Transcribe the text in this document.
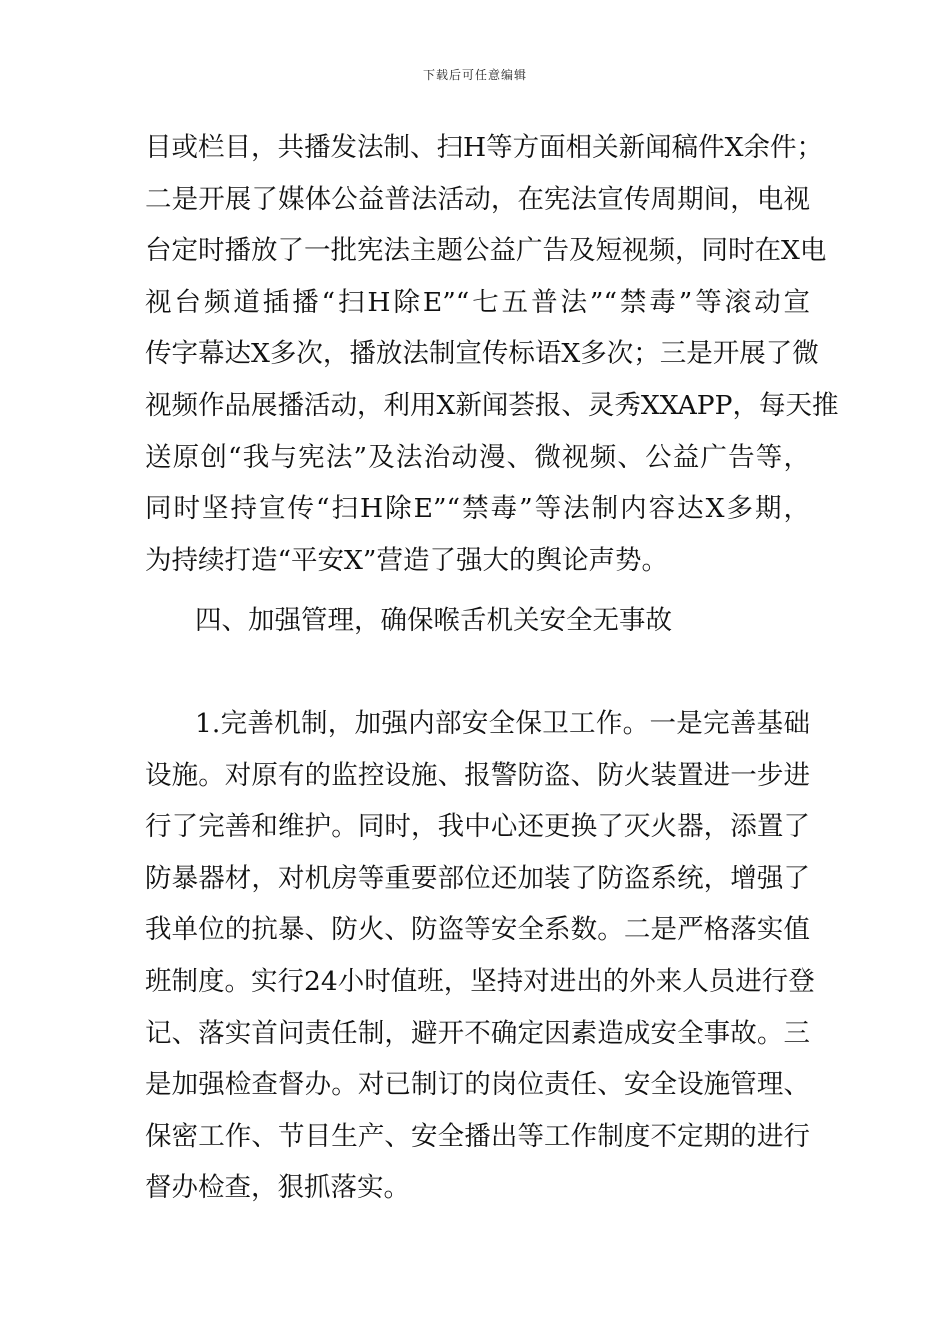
下载后可任意编辑
目或栏目，共播发法制、扫H等方面相关新闻稿件X余件；
二是开展了媒体公益普法活动，在宪法宣传周期间，电视
台定时播放了一批宪法主题公益广告及短视频，同时在X电
视台频道插播“扫H除E”“七五普法”“禁毒”等滚动宣
传字幕达X多次，播放法制宣传标语X多次；三是开展了微
视频作品展播活动，利用X新闻荟报、灵秀XXAPP，每天推
送原创“我与宪法”及法治动漫、微视频、公益广告等，
同时坚持宣传“扫H除E”“禁毒”等法制内容达X多期，
为持续打造“平安X”营造了强大的舆论声势。
四、加强管理，确保喉舌机关安全无事故
1.完善机制，加强内部安全保卫工作。一是完善基础
设施。对原有的监控设施、报警防盗、防火装置进一步进
行了完善和维护。同时，我中心还更换了灭火器，添置了
防暴器材，对机房等重要部位还加装了防盗系统，增强了
我单位的抗暴、防火、防盗等安全系数。二是严格落实值
班制度。实行24小时值班，坚持对进出的外来人员进行登
记、落实首问责任制，避开不确定因素造成安全事故。三
是加强检查督办。对已制订的岗位责任、安全设施管理、
保密工作、节目生产、安全播出等工作制度不定期的进行
督办检查，狠抓落实。
